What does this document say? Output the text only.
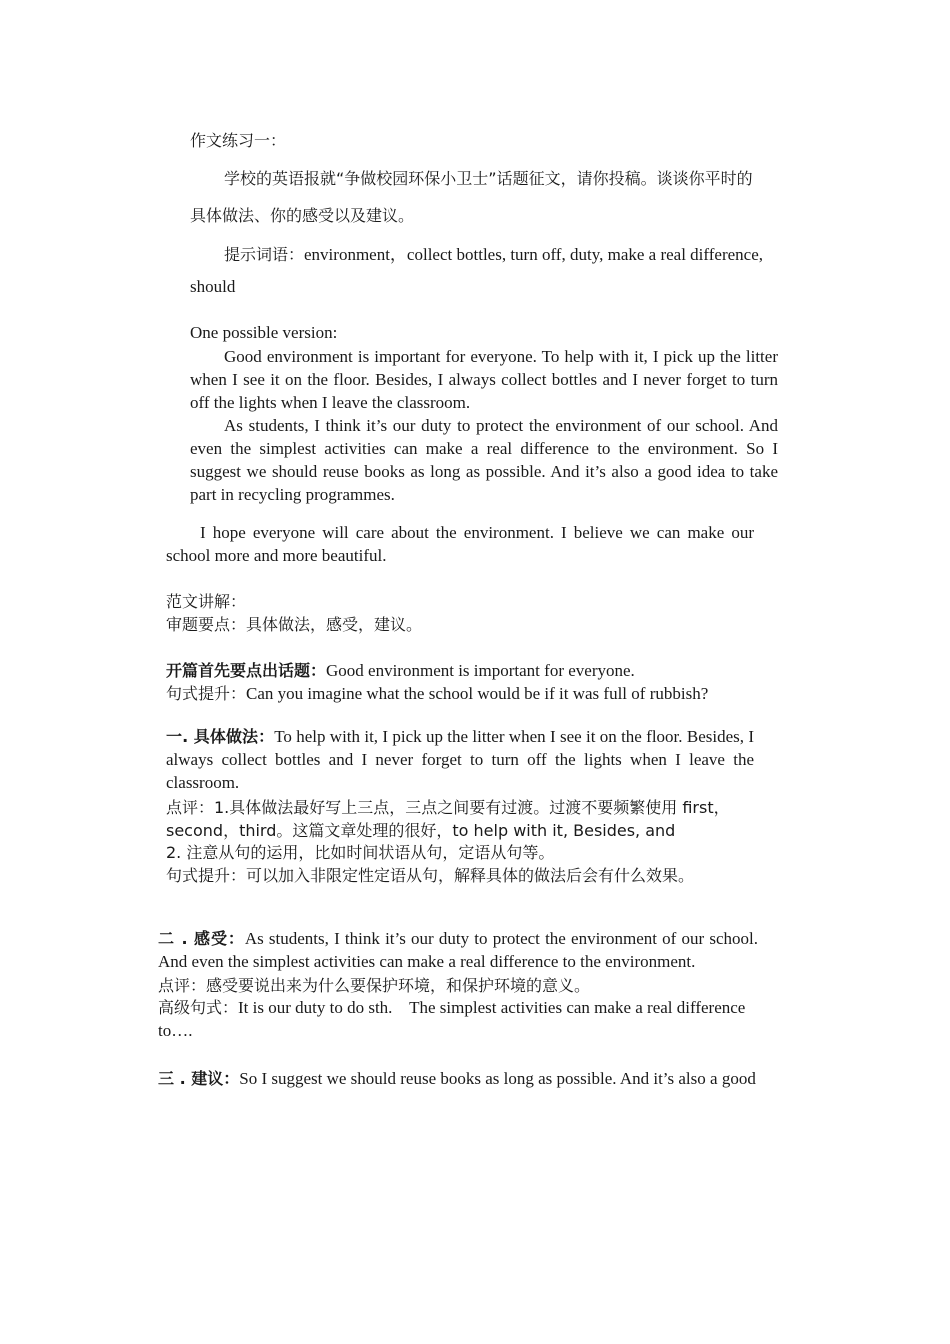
作文练习一：
学校的英语报就“争做校园环保小卫士”话题征文，请你投稿。谈谈你平时的
具体做法、你的感受以及建议。
提示词语：environment，collect bottles, turn off, duty, make a real difference,
should
One possible version:

Good environment is important for everyone. To help with it, I pick up the litter when I see it on the floor. Besides, I always collect bottles and I never forget to turn off the lights when I leave the classroom.

As students, I think it’s our duty to protect the environment of our school. And even the simplest activities can make a real difference to the environment. So I suggest we should reuse books as long as possible. And it’s also a good idea to take part in recycling programmes.

I hope everyone will care about the environment. I believe we can make our school more and more beautiful.

范文讲解：
审题要点：具体做法，感受，建议。
开篇首先要点出话题：Good environment is important for everyone.
句式提升：Can you imagine what the school would be if it was full of rubbish?

一. 具体做法：To help with it, I pick up the litter when I see it on the floor. Besides, I always collect bottles and I never forget to turn off the lights when I leave the classroom.

点评：1.具体做法最好写上三点，三点之间要有过渡。过渡不要频繁使用 first，
second，third。这篇文章处理的很好，to help with it, Besides, and
2. 注意从句的运用，比如时间状语从句，定语从句等。
句式提升：可以加入非限定性定语从句，解释具体的做法后会有什么效果。

二 . 感受：As students, I think it’s our duty to protect the environment of our school. And even the simplest activities can make a real difference to the environment.

点评：感受要说出来为什么要保护环境，和保护环境的意义。

高级句式：It is our duty to do sth.    The simplest activities can make a real difference to….

三 . 建议：So I suggest we should reuse books as long as possible. And it’s also a good
